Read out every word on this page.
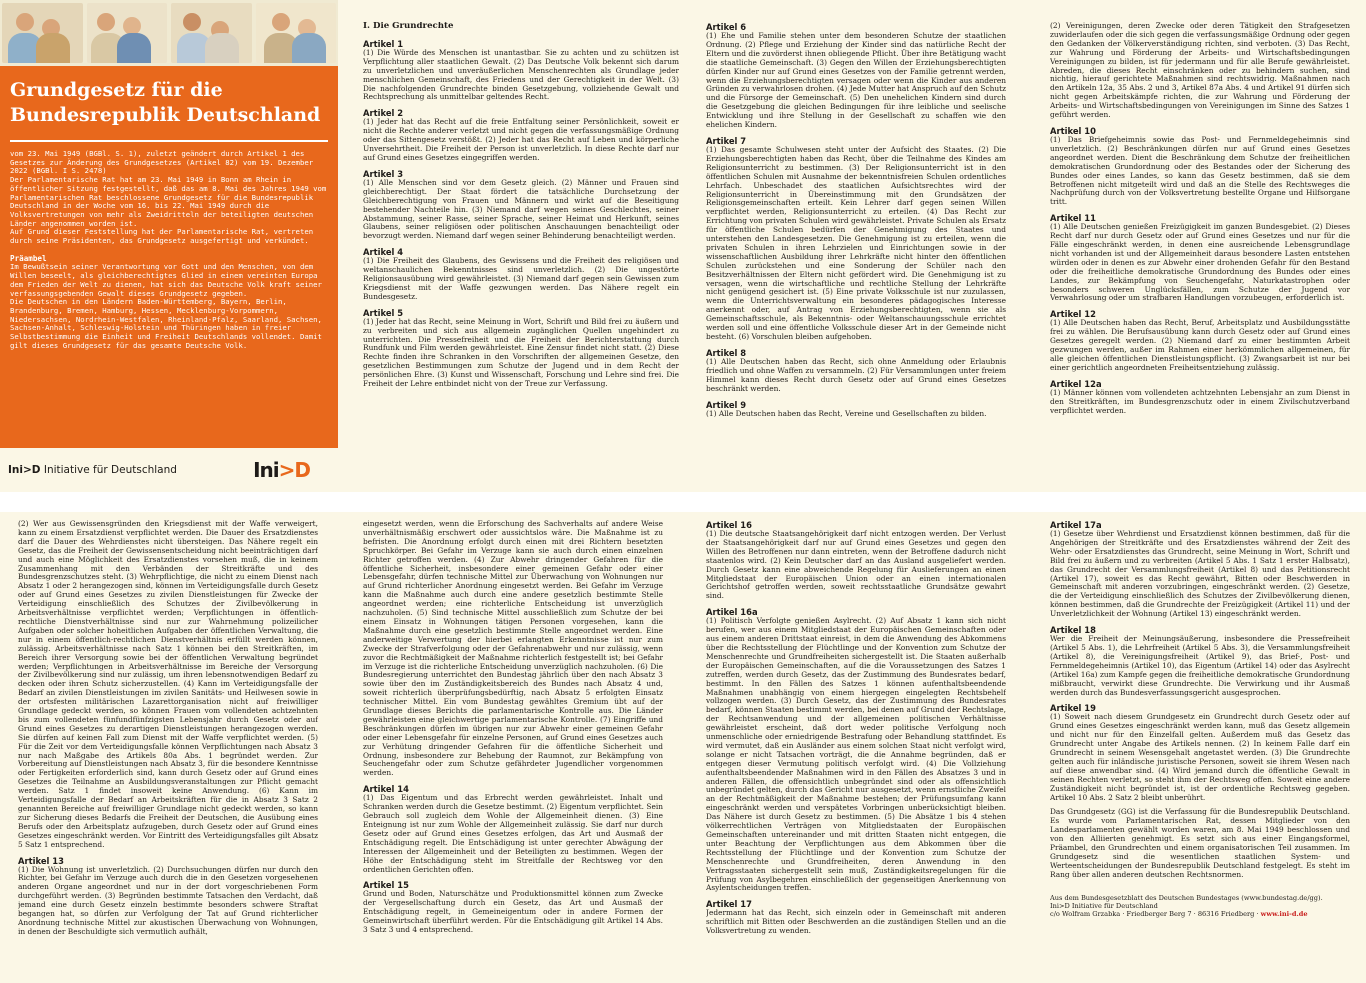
Grundgesetz für die
Bundesrepublik Deutschland

vom 23. Mai 1949 (BGBl. S. 1), zuletzt geändert durch Artikel 1 des Gesetzes zur Änderung des Grundgesetzes (Artikel 82) vom 19. Dezember 2022 (BGBl. I S. 2478)

Der Parlamentarische Rat hat am 23. Mai 1949 in Bonn am Rhein in öffentlicher Sitzung festgestellt, daß das am 8. Mai des Jahres 1949 vom Parlamentarischen Rat beschlossene Grundgesetz für die Bundesrepublik Deutschland in der Woche vom 16. bis 22. Mai 1949 durch die Volksvertretungen von mehr als Zweidritteln der beteiligten deutschen Länder angenommen worden ist.

Auf Grund dieser Feststellung hat der Parlamentarische Rat, vertreten durch seine Präsidenten, das Grundgesetz ausgefertigt und verkündet.

Präambel

Im Bewußtsein seiner Verantwortung vor Gott und den Menschen, von dem Willen beseelt, als gleichberechtigtes Glied in einem vereinten Europa dem Frieden der Welt zu dienen, hat sich das Deutsche Volk kraft seiner verfassungsgebenden Gewalt dieses Grundgesetz gegeben.

Die Deutschen in den Ländern Baden-Württemberg, Bayern, Berlin, Brandenburg, Bremen, Hamburg, Hessen, Mecklenburg-Vorpommern, Niedersachsen, Nordrhein-Westfalen, Rheinland-Pfalz, Saarland, Sachsen, Sachsen-Anhalt, Schleswig-Holstein und Thüringen haben in freier Selbstbestimmung die Einheit und Freiheit Deutschlands vollendet. Damit gilt dieses Grundgesetz für das gesamte Deutsche Volk.

Ini>D Initiative für Deutschland	Ini>D
I. Die Grundrechte
Artikel 1

(1) Die Würde des Menschen ist unantastbar. Sie zu achten und zu schützen ist Verpflichtung aller staatlichen Gewalt. (2) Das Deutsche Volk bekennt sich darum zu unverletzlichen und unveräußerlichen Menschenrechten als Grundlage jeder menschlichen Gemeinschaft, des Friedens und der Gerechtigkeit in der Welt. (3) Die nachfolgenden Grundrechte binden Gesetzgebung, vollziehende Gewalt und Rechtsprechung als unmittelbar geltendes Recht.

Artikel 2

(1) Jeder hat das Recht auf die freie Entfaltung seiner Persönlichkeit, soweit er nicht die Rechte anderer verletzt und nicht gegen die verfassungsmäßige Ordnung oder das Sittengesetz verstößt. (2) Jeder hat das Recht auf Leben und körperliche Unversehrtheit. Die Freiheit der Person ist unverletzlich. In diese Rechte darf nur auf Grund eines Gesetzes eingegriffen werden.

Artikel 3

(1) Alle Menschen sind vor dem Gesetz gleich. (2) Männer und Frauen sind gleichberechtigt. Der Staat fördert die tatsächliche Durchsetzung der Gleichberechtigung von Frauen und Männern und wirkt auf die Beseitigung bestehender Nachteile hin. (3) Niemand darf wegen seines Geschlechtes, seiner Abstammung, seiner Rasse, seiner Sprache, seiner Heimat und Herkunft, seines Glaubens, seiner religiösen oder politischen Anschauungen benachteiligt oder bevorzugt werden. Niemand darf wegen seiner Behinderung benachteiligt werden.

Artikel 4

(1) Die Freiheit des Glaubens, des Gewissens und die Freiheit des religiösen und weltanschaulichen Bekenntnisses sind unverletzlich. (2) Die ungestörte Religionsausübung wird gewährleistet. (3) Niemand darf gegen sein Gewissen zum Kriegsdienst mit der Waffe gezwungen werden. Das Nähere regelt ein Bundesgesetz.

Artikel 5

(1) Jeder hat das Recht, seine Meinung in Wort, Schrift und Bild frei zu äußern und zu verbreiten und sich aus allgemein zugänglichen Quellen ungehindert zu unterrichten. Die Pressefreiheit und die Freiheit der Berichterstattung durch Rundfunk und Film werden gewährleistet. Eine Zensur findet nicht statt. (2) Diese Rechte finden ihre Schranken in den Vorschriften der allgemeinen Gesetze, den gesetzlichen Bestimmungen zum Schutze der Jugend und in dem Recht der persönlichen Ehre. (3) Kunst und Wissenschaft, Forschung und Lehre sind frei. Die Freiheit der Lehre entbindet nicht von der Treue zur Verfassung.

Artikel 6

(1) Ehe und Familie stehen unter dem besonderen Schutze der staatlichen Ordnung. (2) Pflege und Erziehung der Kinder sind das natürliche Recht der Eltern und die zuvörderst ihnen obliegende Pflicht. Über ihre Betätigung wacht die staatliche Gemeinschaft. (3) Gegen den Willen der Erziehungsberechtigten dürfen Kinder nur auf Grund eines Gesetzes von der Familie getrennt werden, wenn die Erziehungsberechtigten versagen oder wenn die Kinder aus anderen Gründen zu verwahrlosen drohen. (4) Jede Mutter hat Anspruch auf den Schutz und die Fürsorge der Gemeinschaft. (5) Den unehelichen Kindern sind durch die Gesetzgebung die gleichen Bedingungen für ihre leibliche und seelische Entwicklung und ihre Stellung in der Gesellschaft zu schaffen wie den ehelichen Kindern.

Artikel 7

(1) Das gesamte Schulwesen steht unter der Aufsicht des Staates. (2) Die Erziehungsberechtigten haben das Recht, über die Teilnahme des Kindes am Religionsunterricht zu bestimmen. (3) Der Religionsunterricht ist in den öffentlichen Schulen mit Ausnahme der bekenntnisfreien Schulen ordentliches Lehrfach. Unbeschadet des staatlichen Aufsichtsrechtes wird der Religionsunterricht in Übereinstimmung mit den Grundsätzen der Religionsgemeinschaften erteilt. Kein Lehrer darf gegen seinen Willen verpflichtet werden, Religionsunterricht zu erteilen. (4) Das Recht zur Errichtung von privaten Schulen wird gewährleistet. Private Schulen als Ersatz für öffentliche Schulen bedürfen der Genehmigung des Staates und unterstehen den Landesgesetzen. Die Genehmigung ist zu erteilen, wenn die privaten Schulen in ihren Lehrzielen und Einrichtungen sowie in der wissenschaftlichen Ausbildung ihrer Lehrkräfte nicht hinter den öffentlichen Schulen zurückstehen und eine Sonderung der Schüler nach den Besitzverhältnissen der Eltern nicht gefördert wird. Die Genehmigung ist zu versagen, wenn die wirtschaftliche und rechtliche Stellung der Lehrkräfte nicht genügend gesichert ist. (5) Eine private Volksschule ist nur zuzulassen, wenn die Unterrichtsverwaltung ein besonderes pädagogisches Interesse anerkennt oder, auf Antrag von Erziehungsberechtigten, wenn sie als Gemeinschaftsschule, als Bekenntnis- oder Weltanschauungsschule errichtet werden soll und eine öffentliche Volksschule dieser Art in der Gemeinde nicht besteht. (6) Vorschulen bleiben aufgehoben.

Artikel 8

(1) Alle Deutschen haben das Recht, sich ohne Anmeldung oder Erlaubnis friedlich und ohne Waffen zu versammeln. (2) Für Versammlungen unter freiem Himmel kann dieses Recht durch Gesetz oder auf Grund eines Gesetzes beschränkt werden.

Artikel 9

(1) Alle Deutschen haben das Recht, Vereine und Gesellschaften zu bilden.

(2) Vereinigungen, deren Zwecke oder deren Tätigkeit den Strafgesetzen zuwiderlaufen oder die sich gegen die verfassungsmäßige Ordnung oder gegen den Gedanken der Völkerverständigung richten, sind verboten. (3) Das Recht, zur Wahrung und Förderung der Arbeits- und Wirtschaftsbedingungen Vereinigungen zu bilden, ist für jedermann und für alle Berufe gewährleistet. Abreden, die dieses Recht einschränken oder zu behindern suchen, sind nichtig, hierauf gerichtete Maßnahmen sind rechtswidrig. Maßnahmen nach den Artikeln 12a, 35 Abs. 2 und 3, Artikel 87a Abs. 4 und Artikel 91 dürfen sich nicht gegen Arbeitskämpfe richten, die zur Wahrung und Förderung der Arbeits- und Wirtschaftsbedingungen von Vereinigungen im Sinne des Satzes 1 geführt werden.

Artikel 10

(1) Das Briefgeheimnis sowie das Post- und Fernmeldegeheimnis sind unverletzlich. (2) Beschränkungen dürfen nur auf Grund eines Gesetzes angeordnet werden. Dient die Beschränkung dem Schutze der freiheitlichen demokratischen Grundordnung oder des Bestandes oder der Sicherung des Bundes oder eines Landes, so kann das Gesetz bestimmen, daß sie dem Betroffenen nicht mitgeteilt wird und daß an die Stelle des Rechtsweges die Nachprüfung durch von der Volksvertretung bestellte Organe und Hilfsorgane tritt.

Artikel 11

(1) Alle Deutschen genießen Freizügigkeit im ganzen Bundesgebiet. (2) Dieses Recht darf nur durch Gesetz oder auf Grund eines Gesetzes und nur für die Fälle eingeschränkt werden, in denen eine ausreichende Lebensgrundlage nicht vorhanden ist und der Allgemeinheit daraus besondere Lasten entstehen würden oder in denen es zur Abwehr einer drohenden Gefahr für den Bestand oder die freiheitliche demokratische Grundordnung des Bundes oder eines Landes, zur Bekämpfung von Seuchengefahr, Naturkatastrophen oder besonders schweren Unglücksfällen, zum Schutze der Jugend vor Verwahrlosung oder um strafbaren Handlungen vorzubeugen, erforderlich ist.

Artikel 12

(1) Alle Deutschen haben das Recht, Beruf, Arbeitsplatz und Ausbildungsstätte frei zu wählen. Die Berufsausübung kann durch Gesetz oder auf Grund eines Gesetzes geregelt werden. (2) Niemand darf zu einer bestimmten Arbeit gezwungen werden, außer im Rahmen einer herkömmlichen allgemeinen, für alle gleichen öffentlichen Dienstleistungspflicht. (3) Zwangsarbeit ist nur bei einer gerichtlich angeordneten Freiheitsentziehung zulässig.

Artikel 12a

(1) Männer können vom vollendeten achtzehnten Lebensjahr an zum Dienst in den Streitkräften, im Bundesgrenzschutz oder in einem Zivilschutzverband verpflichtet werden.

(2) Wer aus Gewissensgründen den Kriegsdienst mit der Waffe verweigert, kann zu einem Ersatzdienst verpflichtet werden. Die Dauer des Ersatzdienstes darf die Dauer des Wehrdienstes nicht übersteigen. Das Nähere regelt ein Gesetz, das die Freiheit der Gewissensentscheidung nicht beeinträchtigen darf und auch eine Möglichkeit des Ersatzdienstes vorsehen muß, die in keinem Zusammenhang mit den Verbänden der Streitkräfte und des Bundesgrenzschutzes steht. (3) Wehrpflichtige, die nicht zu einem Dienst nach Absatz 1 oder 2 herangezogen sind, können im Verteidigungsfalle durch Gesetz oder auf Grund eines Gesetzes zu zivilen Dienstleistungen für Zwecke der Verteidigung einschließlich des Schutzes der Zivilbevölkerung in Arbeitsverhältnisse verpflichtet werden; Verpflichtungen in öffentlich-rechtliche Dienstverhältnisse sind nur zur Wahrnehmung polizeilicher Aufgaben oder solcher hoheitlichen Aufgaben der öffentlichen Verwaltung, die nur in einem öffentlich-rechtlichen Dienstverhältnis erfüllt werden können, zulässig. Arbeitsverhältnisse nach Satz 1 können bei den Streitkräften, im Bereich ihrer Versorgung sowie bei der öffentlichen Verwaltung begründet werden; Verpflichtungen in Arbeitsverhältnisse im Bereiche der Versorgung der Zivilbevölkerung sind nur zulässig, um ihren lebensnotwendigen Bedarf zu decken oder ihren Schutz sicherzustellen. (4) Kann im Verteidigungsfalle der Bedarf an zivilen Dienstleistungen im zivilen Sanitäts- und Heilwesen sowie in der ortsfesten militärischen Lazarettorganisation nicht auf freiwilliger Grundlage gedeckt werden, so können Frauen vom vollendeten achtzehnten bis zum vollendeten fünfundfünfzigsten Lebensjahr durch Gesetz oder auf Grund eines Gesetzes zu derartigen Dienstleistungen herangezogen werden. Sie dürfen auf keinen Fall zum Dienst mit der Waffe verpflichtet werden. (5) Für die Zeit vor dem Verteidigungsfalle können Verpflichtungen nach Absatz 3 nur nach Maßgabe des Artikels 80a Abs. 1 begründet werden. Zur Vorbereitung auf Dienstleistungen nach Absatz 3, für die besondere Kenntnisse oder Fertigkeiten erforderlich sind, kann durch Gesetz oder auf Grund eines Gesetzes die Teilnahme an Ausbildungsveranstaltungen zur Pflicht gemacht werden. Satz 1 findet insoweit keine Anwendung. (6) Kann im Verteidigungsfalle der Bedarf an Arbeitskräften für die in Absatz 3 Satz 2 genannten Bereiche auf freiwilliger Grundlage nicht gedeckt werden, so kann zur Sicherung dieses Bedarfs die Freiheit der Deutschen, die Ausübung eines Berufs oder den Arbeitsplatz aufzugeben, durch Gesetz oder auf Grund eines Gesetzes eingeschränkt werden. Vor Eintritt des Verteidigungsfalles gilt Absatz 5 Satz 1 entsprechend.

Artikel 13

(1) Die Wohnung ist unverletzlich. (2) Durchsuchungen dürfen nur durch den Richter, bei Gefahr im Verzuge auch durch die in den Gesetzen vorgesehenen anderen Organe angeordnet und nur in der dort vorgeschriebenen Form durchgeführt werden. (3) Begründen bestimmte Tatsachen den Verdacht, daß jemand eine durch Gesetz einzeln bestimmte besonders schwere Straftat begangen hat, so dürfen zur Verfolgung der Tat auf Grund richterlicher Anordnung technische Mittel zur akustischen Überwachung von Wohnungen, in denen der Beschuldigte sich vermutlich aufhält,

eingesetzt werden, wenn die Erforschung des Sachverhalts auf andere Weise unverhältnismäßig erschwert oder aussichtslos wäre. Die Maßnahme ist zu befristen. Die Anordnung erfolgt durch einen mit drei Richtern besetzten Spruchkörper. Bei Gefahr im Verzuge kann sie auch durch einen einzelnen Richter getroffen werden. (4) Zur Abwehr dringender Gefahren für die öffentliche Sicherheit, insbesondere einer gemeinen Gefahr oder einer Lebensgefahr, dürfen technische Mittel zur Überwachung von Wohnungen nur auf Grund richterlicher Anordnung eingesetzt werden. Bei Gefahr im Verzuge kann die Maßnahme auch durch eine andere gesetzlich bestimmte Stelle angeordnet werden; eine richterliche Entscheidung ist unverzüglich nachzuholen. (5) Sind technische Mittel ausschließlich zum Schutze der bei einem Einsatz in Wohnungen tätigen Personen vorgesehen, kann die Maßnahme durch eine gesetzlich bestimmte Stelle angeordnet werden. Eine anderweitige Verwertung der hierbei erlangten Erkenntnisse ist nur zum Zwecke der Strafverfolgung oder der Gefahrenabwehr und nur zulässig, wenn zuvor die Rechtmäßigkeit der Maßnahme richterlich festgestellt ist; bei Gefahr im Verzuge ist die richterliche Entscheidung unverzüglich nachzuholen. (6) Die Bundesregierung unterrichtet den Bundestag jährlich über den nach Absatz 3 sowie über den im Zuständigkeitsbereich des Bundes nach Absatz 4 und, soweit richterlich überprüfungsbedürftig, nach Absatz 5 erfolgten Einsatz technischer Mittel. Ein vom Bundestag gewähltes Gremium übt auf der Grundlage dieses Berichts die parlamentarische Kontrolle aus. Die Länder gewährleisten eine gleichwertige parlamentarische Kontrolle. (7) Eingriffe und Beschränkungen dürfen im übrigen nur zur Abwehr einer gemeinen Gefahr oder einer Lebensgefahr für einzelne Personen, auf Grund eines Gesetzes auch zur Verhütung dringender Gefahren für die öffentliche Sicherheit und Ordnung, insbesondere zur Behebung der Raumnot, zur Bekämpfung von Seuchengefahr oder zum Schutze gefährdeter Jugendlicher vorgenommen werden.

Artikel 14

(1) Das Eigentum und das Erbrecht werden gewährleistet. Inhalt und Schranken werden durch die Gesetze bestimmt. (2) Eigentum verpflichtet. Sein Gebrauch soll zugleich dem Wohle der Allgemeinheit dienen. (3) Eine Enteignung ist nur zum Wohle der Allgemeinheit zulässig. Sie darf nur durch Gesetz oder auf Grund eines Gesetzes erfolgen, das Art und Ausmaß der Entschädigung regelt. Die Entschädigung ist unter gerechter Abwägung der Interessen der Allgemeinheit und der Beteiligten zu bestimmen. Wegen der Höhe der Entschädigung steht im Streitfalle der Rechtsweg vor den ordentlichen Gerichten offen.

Artikel 15

Grund und Boden, Naturschätze und Produktionsmittel können zum Zwecke der Vergesellschaftung durch ein Gesetz, das Art und Ausmaß der Entschädigung regelt, in Gemeineigentum oder in andere Formen der Gemeinwirtschaft überführt werden. Für die Entschädigung gilt Artikel 14 Abs. 3 Satz 3 und 4 entsprechend.

Artikel 16

(1) Die deutsche Staatsangehörigkeit darf nicht entzogen werden. Der Verlust der Staatsangehörigkeit darf nur auf Grund eines Gesetzes und gegen den Willen des Betroffenen nur dann eintreten, wenn der Betroffene dadurch nicht staatenlos wird. (2) Kein Deutscher darf an das Ausland ausgeliefert werden. Durch Gesetz kann eine abweichende Regelung für Auslieferungen an einen Mitgliedstaat der Europäischen Union oder an einen internationalen Gerichtshof getroffen werden, soweit rechtsstaatliche Grundsätze gewahrt sind.

Artikel 16a

(1) Politisch Verfolgte genießen Asylrecht. (2) Auf Absatz 1 kann sich nicht berufen, wer aus einem Mitgliedstaat der Europäischen Gemeinschaften oder aus einem anderen Drittstaat einreist, in dem die Anwendung des Abkommens über die Rechtsstellung der Flüchtlinge und der Konvention zum Schutze der Menschenrechte und Grundfreiheiten sichergestellt ist. Die Staaten außerhalb der Europäischen Gemeinschaften, auf die die Voraussetzungen des Satzes 1 zutreffen, werden durch Gesetz, das der Zustimmung des Bundesrates bedarf, bestimmt. In den Fällen des Satzes 1 können aufenthaltsbeendende Maßnahmen unabhängig von einem hiergegen eingelegten Rechtsbehelf vollzogen werden. (3) Durch Gesetz, das der Zustimmung des Bundesrates bedarf, können Staaten bestimmt werden, bei denen auf Grund der Rechtslage, der Rechtsanwendung und der allgemeinen politischen Verhältnisse gewährleistet erscheint, daß dort weder politische Verfolgung noch unmenschliche oder erniedrigende Bestrafung oder Behandlung stattfindet. Es wird vermutet, daß ein Ausländer aus einem solchen Staat nicht verfolgt wird, solange er nicht Tatsachen vorträgt, die die Annahme begründen, daß er entgegen dieser Vermutung politisch verfolgt wird. (4) Die Vollziehung aufenthaltsbeendender Maßnahmen wird in den Fällen des Absatzes 3 und in anderen Fällen, die offensichtlich unbegründet sind oder als offensichtlich unbegründet gelten, durch das Gericht nur ausgesetzt, wenn ernstliche Zweifel an der Rechtmäßigkeit der Maßnahme bestehen; der Prüfungsumfang kann eingeschränkt werden und verspätetes Vorbringen unberücksichtigt bleiben. Das Nähere ist durch Gesetz zu bestimmen. (5) Die Absätze 1 bis 4 stehen völkerrechtlichen Verträgen von Mitgliedstaaten der Europäischen Gemeinschaften untereinander und mit dritten Staaten nicht entgegen, die unter Beachtung der Verpflichtungen aus dem Abkommen über die Rechtsstellung der Flüchtlinge und der Konvention zum Schutze der Menschenrechte und Grundfreiheiten, deren Anwendung in den Vertragsstaaten sichergestellt sein muß, Zuständigkeitsregelungen für die Prüfung von Asylbegehren einschließlich der gegenseitigen Anerkennung von Asylentscheidungen treffen.

Artikel 17

Jedermann hat das Recht, sich einzeln oder in Gemeinschaft mit anderen schriftlich mit Bitten oder Beschwerden an die zuständigen Stellen und an die Volksvertretung zu wenden.

Artikel 17a

(1) Gesetze über Wehrdienst und Ersatzdienst können bestimmen, daß für die Angehörigen der Streitkräfte und des Ersatzdienstes während der Zeit des Wehr- oder Ersatzdienstes das Grundrecht, seine Meinung in Wort, Schrift und Bild frei zu äußern und zu verbreiten (Artikel 5 Abs. 1 Satz 1 erster Halbsatz), das Grundrecht der Versammlungsfreiheit (Artikel 8) und das Petitionsrecht (Artikel 17), soweit es das Recht gewährt, Bitten oder Beschwerden in Gemeinschaft mit anderen vorzubringen, eingeschränkt werden. (2) Gesetze, die der Verteidigung einschließlich des Schutzes der Zivilbevölkerung dienen, können bestimmen, daß die Grundrechte der Freizügigkeit (Artikel 11) und der Unverletzlichkeit der Wohnung (Artikel 13) eingeschränkt werden.

Artikel 18

Wer die Freiheit der Meinungsäußerung, insbesondere die Pressefreiheit (Artikel 5 Abs. 1), die Lehrfreiheit (Artikel 5 Abs. 3), die Versammlungsfreiheit (Artikel 8), die Vereinigungsfreiheit (Artikel 9), das Brief-, Post- und Fernmeldegeheimnis (Artikel 10), das Eigentum (Artikel 14) oder das Asylrecht (Artikel 16a) zum Kampfe gegen die freiheitliche demokratische Grundordnung mißbraucht, verwirkt diese Grundrechte. Die Verwirkung und ihr Ausmaß werden durch das Bundesverfassungsgericht ausgesprochen.

Artikel 19

(1) Soweit nach diesem Grundgesetz ein Grundrecht durch Gesetz oder auf Grund eines Gesetzes eingeschränkt werden kann, muß das Gesetz allgemein und nicht nur für den Einzelfall gelten. Außerdem muß das Gesetz das Grundrecht unter Angabe des Artikels nennen. (2) In keinem Falle darf ein Grundrecht in seinem Wesensgehalt angetastet werden. (3) Die Grundrechte gelten auch für inländische juristische Personen, soweit sie ihrem Wesen nach auf diese anwendbar sind. (4) Wird jemand durch die öffentliche Gewalt in seinen Rechten verletzt, so steht ihm der Rechtsweg offen. Soweit eine andere Zuständigkeit nicht begründet ist, ist der ordentliche Rechtsweg gegeben. Artikel 10 Abs. 2 Satz 2 bleibt unberührt.

Das Grundgesetz (GG) ist die Verfassung für die Bundesrepublik Deutschland. Es wurde vom Parlamentarischen Rat, dessen Mitglieder von den Landesparlamenten gewählt worden waren, am 8. Mai 1949 beschlossen und von den Alliierten genehmigt. Es setzt sich aus einer Eingangsformel, Präambel, den Grundrechten und einem organisatorischen Teil zusammen. Im Grundgesetz sind die wesentlichen staatlichen System- und Werteentscheidungen der Bundesrepublik Deutschland festgelegt. Es steht im Rang über allen anderen deutschen Rechtsnormen.

Aus dem Bundesgesetzblatt des Deutschen Bundestages (www.bundestag.de/gg).
Ini>D Initiative für Deutschland
c/o Wolfram Grzabka · Friedberger Berg 7 · 86316 Friedberg · www.ini-d.de
